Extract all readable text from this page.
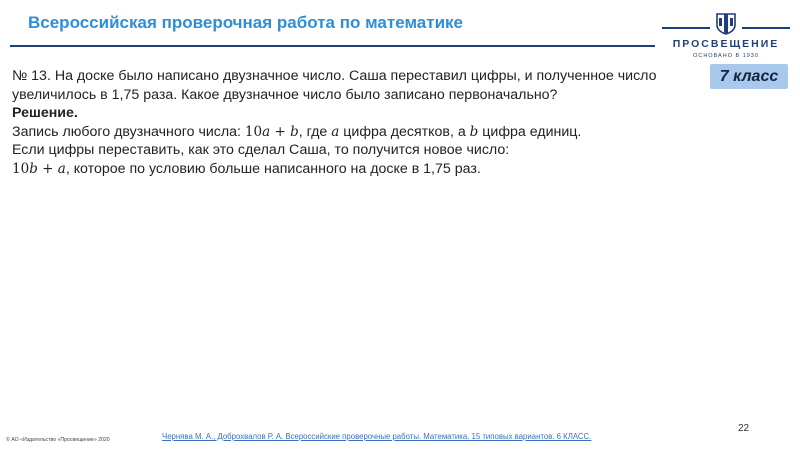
Всероссийская проверочная работа по математике
ПРОСВЕЩЕНИЕ
ОСНОВАНО В 1930
7 класс

№ 13. На доске было написано двузначное число. Саша переставил цифры, и полученное число

увеличилось в 1,75 раза. Какое двузначное число было записано первоначально?

Решение.

Запись любого двузначного числа: 10a + b, где a цифра десятков, а b цифра единиц.

Если цифры переставить, как это сделал Саша, то получится новое число:

10b + a, которое по условию больше написанного на доске в 1,75 раз.

22
Чернява М. А., Доброхвалов Р. А. Всероссийские проверочные работы. Математика. 15 типовых вариантов. 6 КЛАСС.
© АО «Издательство «Просвещение» 2020
